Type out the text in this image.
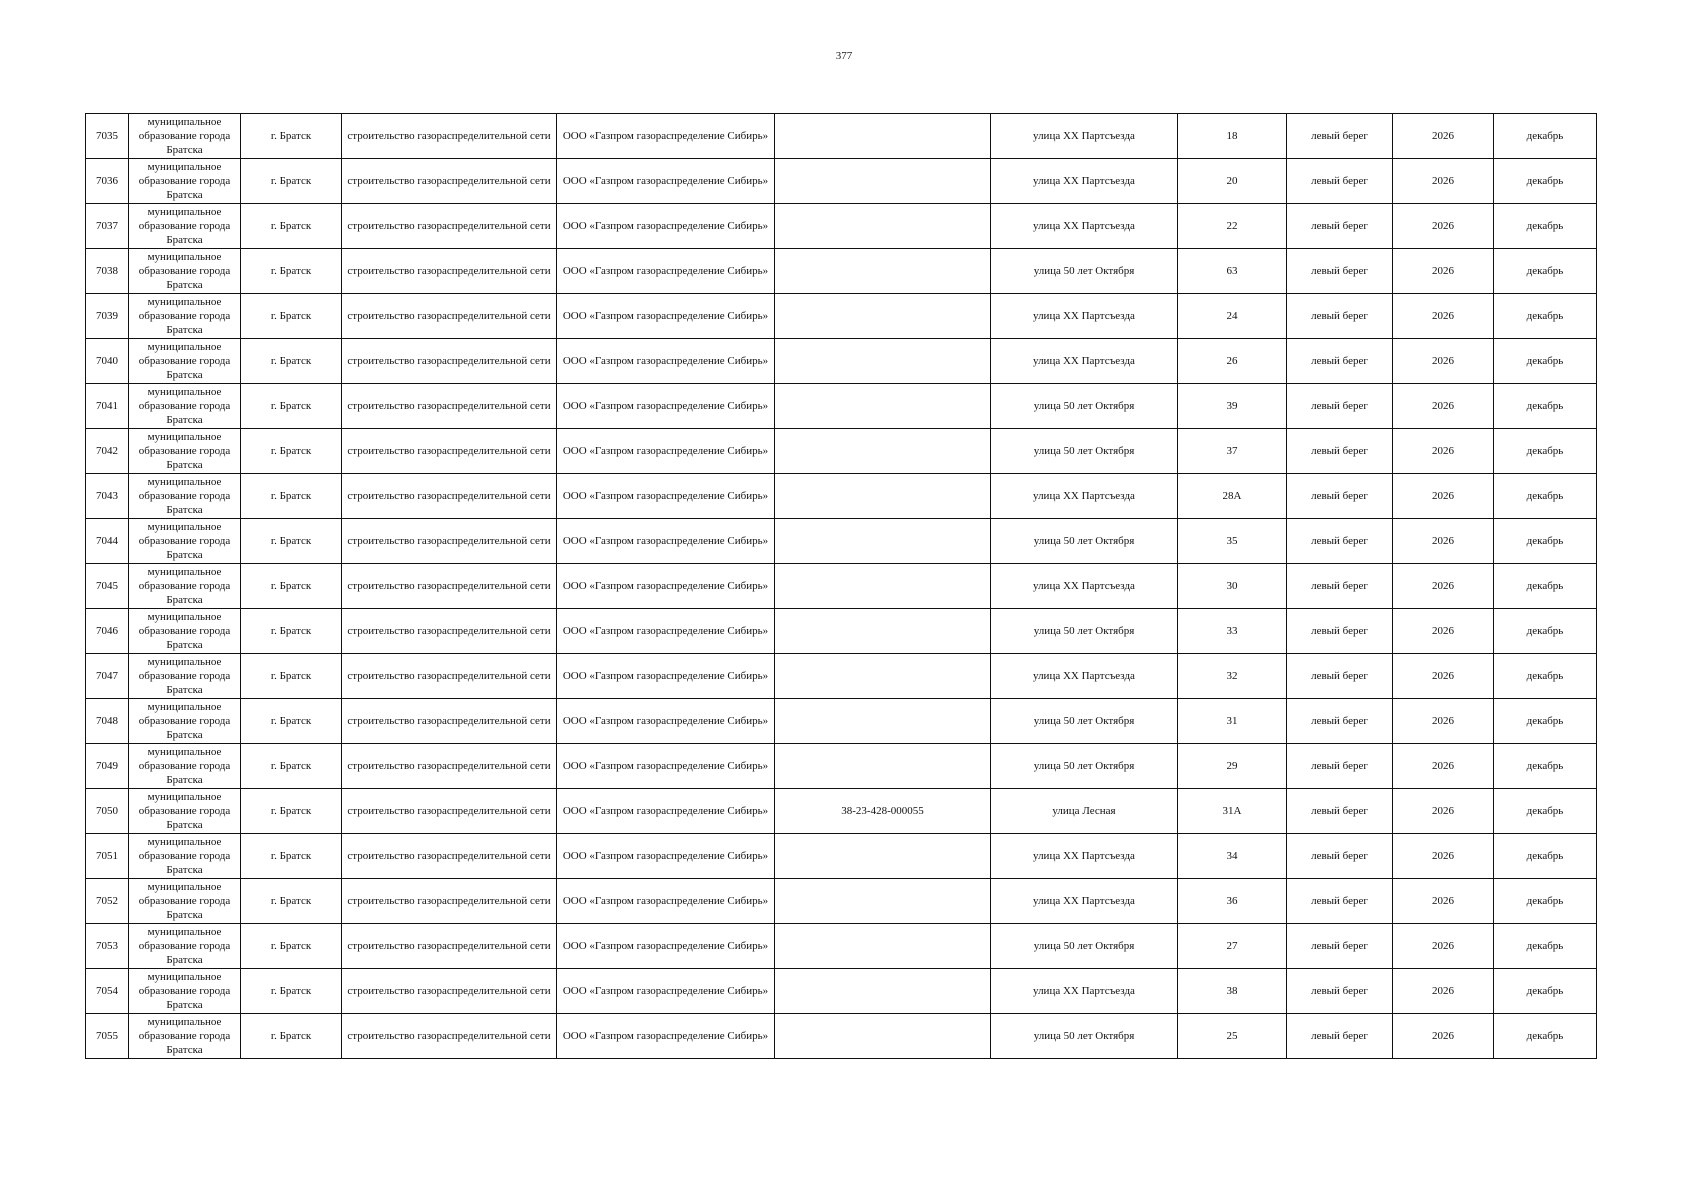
377
7035	муниципальное образование города Братска	г. Братск	строительство газораспределительной сети	ООО «Газпром газораспределение Сибирь»		улица XX Партсъезда	18	левый берег	2026	декабрь
7036	муниципальное образование города Братска	г. Братск	строительство газораспределительной сети	ООО «Газпром газораспределение Сибирь»		улица XX Партсъезда	20	левый берег	2026	декабрь
7037	муниципальное образование города Братска	г. Братск	строительство газораспределительной сети	ООО «Газпром газораспределение Сибирь»		улица XX Партсъезда	22	левый берег	2026	декабрь
7038	муниципальное образование города Братска	г. Братск	строительство газораспределительной сети	ООО «Газпром газораспределение Сибирь»		улица 50 лет Октября	63	левый берег	2026	декабрь
7039	муниципальное образование города Братска	г. Братск	строительство газораспределительной сети	ООО «Газпром газораспределение Сибирь»		улица XX Партсъезда	24	левый берег	2026	декабрь
7040	муниципальное образование города Братска	г. Братск	строительство газораспределительной сети	ООО «Газпром газораспределение Сибирь»		улица XX Партсъезда	26	левый берег	2026	декабрь
7041	муниципальное образование города Братска	г. Братск	строительство газораспределительной сети	ООО «Газпром газораспределение Сибирь»		улица 50 лет Октября	39	левый берег	2026	декабрь
7042	муниципальное образование города Братска	г. Братск	строительство газораспределительной сети	ООО «Газпром газораспределение Сибирь»		улица 50 лет Октября	37	левый берег	2026	декабрь
7043	муниципальное образование города Братска	г. Братск	строительство газораспределительной сети	ООО «Газпром газораспределение Сибирь»		улица XX Партсъезда	28А	левый берег	2026	декабрь
7044	муниципальное образование города Братска	г. Братск	строительство газораспределительной сети	ООО «Газпром газораспределение Сибирь»		улица 50 лет Октября	35	левый берег	2026	декабрь
7045	муниципальное образование города Братска	г. Братск	строительство газораспределительной сети	ООО «Газпром газораспределение Сибирь»		улица XX Партсъезда	30	левый берег	2026	декабрь
7046	муниципальное образование города Братска	г. Братск	строительство газораспределительной сети	ООО «Газпром газораспределение Сибирь»		улица 50 лет Октября	33	левый берег	2026	декабрь
7047	муниципальное образование города Братска	г. Братск	строительство газораспределительной сети	ООО «Газпром газораспределение Сибирь»		улица XX Партсъезда	32	левый берег	2026	декабрь
7048	муниципальное образование города Братска	г. Братск	строительство газораспределительной сети	ООО «Газпром газораспределение Сибирь»		улица 50 лет Октября	31	левый берег	2026	декабрь
7049	муниципальное образование города Братска	г. Братск	строительство газораспределительной сети	ООО «Газпром газораспределение Сибирь»		улица 50 лет Октября	29	левый берег	2026	декабрь
7050	муниципальное образование города Братска	г. Братск	строительство газораспределительной сети	ООО «Газпром газораспределение Сибирь»	38-23-428-000055	улица Лесная	31А	левый берег	2026	декабрь
7051	муниципальное образование города Братска	г. Братск	строительство газораспределительной сети	ООО «Газпром газораспределение Сибирь»		улица XX Партсъезда	34	левый берег	2026	декабрь
7052	муниципальное образование города Братска	г. Братск	строительство газораспределительной сети	ООО «Газпром газораспределение Сибирь»		улица XX Партсъезда	36	левый берег	2026	декабрь
7053	муниципальное образование города Братска	г. Братск	строительство газораспределительной сети	ООО «Газпром газораспределение Сибирь»		улица 50 лет Октября	27	левый берег	2026	декабрь
7054	муниципальное образование города Братска	г. Братск	строительство газораспределительной сети	ООО «Газпром газораспределение Сибирь»		улица XX Партсъезда	38	левый берег	2026	декабрь
7055	муниципальное образование города Братска	г. Братск	строительство газораспределительной сети	ООО «Газпром газораспределение Сибирь»		улица 50 лет Октября	25	левый берег	2026	декабрь
